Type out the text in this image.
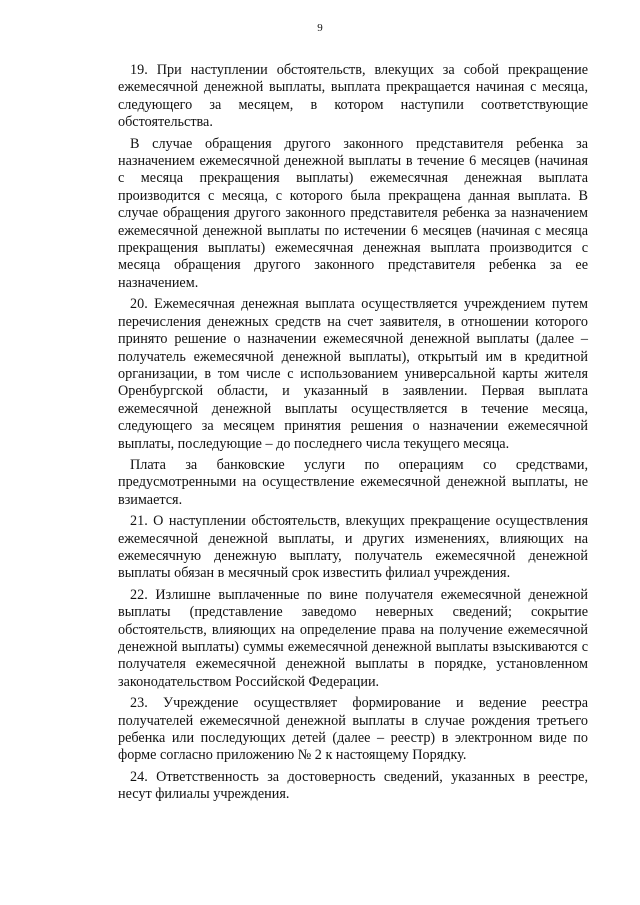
9

19. При наступлении обстоятельств, влекущих за собой прекращение ежемесячной денежной выплаты, выплата прекращается начиная с месяца, следующего за месяцем, в котором наступили соответствующие обстоятельства.

В случае обращения другого законного представителя ребенка за назначением ежемесячной денежной выплаты в течение 6 месяцев (начиная с месяца прекращения выплаты) ежемесячная денежная выплата производится с месяца, с которого была прекращена данная выплата. В случае обращения другого законного представителя ребенка за назначением ежемесячной денежной выплаты по истечении 6 месяцев (начиная с месяца прекращения выплаты) ежемесячная денежная выплата производится с месяца обращения другого законного представителя ребенка за ее назначением.

20. Ежемесячная денежная выплата осуществляется учреждением путем перечисления денежных средств на счет заявителя, в отношении которого принято решение о назначении ежемесячной денежной выплаты (далее – получатель ежемесячной денежной выплаты), открытый им в кредитной организации, в том числе с использованием универсальной карты жителя Оренбургской области, и указанный в заявлении. Первая выплата ежемесячной денежной выплаты осуществляется в течение месяца, следующего за месяцем принятия решения о назначении ежемесячной выплаты, последующие – до последнего числа текущего месяца.

Плата за банковские услуги по операциям со средствами, предусмотренными на осуществление ежемесячной денежной выплаты, не взимается.

21. О наступлении обстоятельств, влекущих прекращение осуществления ежемесячной денежной выплаты, и других изменениях, влияющих на ежемесячную денежную выплату, получатель ежемесячной денежной выплаты обязан в месячный срок известить филиал учреждения.

22. Излишне выплаченные по вине получателя ежемесячной денежной выплаты (представление заведомо неверных сведений; сокрытие обстоятельств, влияющих на определение права на получение ежемесячной денежной выплаты) суммы ежемесячной денежной выплаты взыскиваются с получателя ежемесячной денежной выплаты в порядке, установленном законодательством Российской Федерации.

23. Учреждение осуществляет формирование и ведение реестра получателей ежемесячной денежной выплаты в случае рождения третьего ребенка или последующих детей (далее – реестр) в электронном виде по форме согласно приложению № 2 к настоящему Порядку.

24. Ответственность за достоверность сведений, указанных в реестре, несут филиалы учреждения.
